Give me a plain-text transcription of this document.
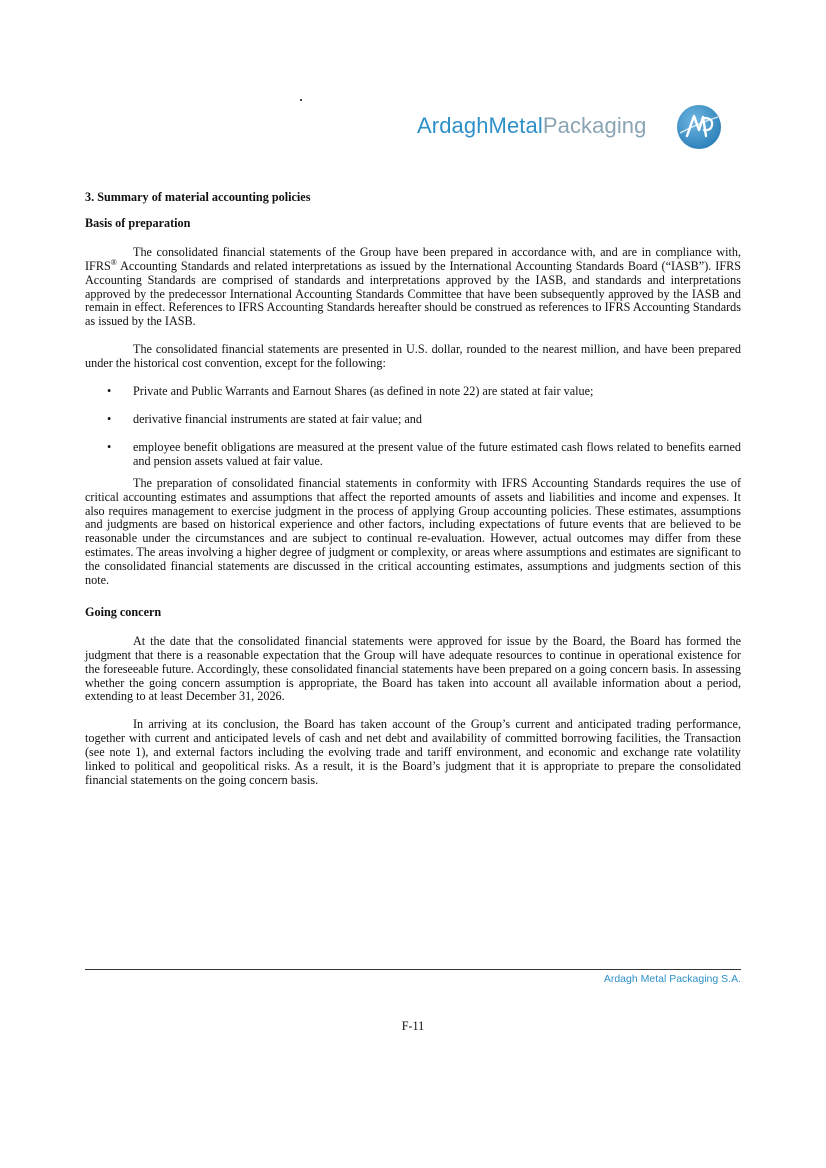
ArdaghMetalPackaging

3. Summary of material accounting policies

Basis of preparation

The consolidated financial statements of the Group have been prepared in accordance with, and are in compliance with, IFRS® Accounting Standards and related interpretations as issued by the International Accounting Standards Board (“IASB”). IFRS Accounting Standards are comprised of standards and interpretations approved by the IASB, and standards and interpretations approved by the predecessor International Accounting Standards Committee that have been subsequently approved by the IASB and remain in effect. References to IFRS Accounting Standards hereafter should be construed as references to IFRS Accounting Standards as issued by the IASB.

The consolidated financial statements are presented in U.S. dollar, rounded to the nearest million, and have been prepared under the historical cost convention, except for the following:

• Private and Public Warrants and Earnout Shares (as defined in note 22) are stated at fair value;
• derivative financial instruments are stated at fair value; and
• employee benefit obligations are measured at the present value of the future estimated cash flows related to benefits earned and pension assets valued at fair value.

The preparation of consolidated financial statements in conformity with IFRS Accounting Standards requires the use of critical accounting estimates and assumptions that affect the reported amounts of assets and liabilities and income and expenses. It also requires management to exercise judgment in the process of applying Group accounting policies. These estimates, assumptions and judgments are based on historical experience and other factors, including expectations of future events that are believed to be reasonable under the circumstances and are subject to continual re-evaluation. However, actual outcomes may differ from these estimates. The areas involving a higher degree of judgment or complexity, or areas where assumptions and estimates are significant to the consolidated financial statements are discussed in the critical accounting estimates, assumptions and judgments section of this note.

Going concern

At the date that the consolidated financial statements were approved for issue by the Board, the Board has formed the judgment that there is a reasonable expectation that the Group will have adequate resources to continue in operational existence for the foreseeable future. Accordingly, these consolidated financial statements have been prepared on a going concern basis. In assessing whether the going concern assumption is appropriate, the Board has taken into account all available information about a period, extending to at least December 31, 2026.

In arriving at its conclusion, the Board has taken account of the Group’s current and anticipated trading performance, together with current and anticipated levels of cash and net debt and availability of committed borrowing facilities, the Transaction (see note 1), and external factors including the evolving trade and tariff environment, and economic and exchange rate volatility linked to political and geopolitical risks. As a result, it is the Board’s judgment that it is appropriate to prepare the consolidated financial statements on the going concern basis.

Ardagh Metal Packaging S.A.
F-11
